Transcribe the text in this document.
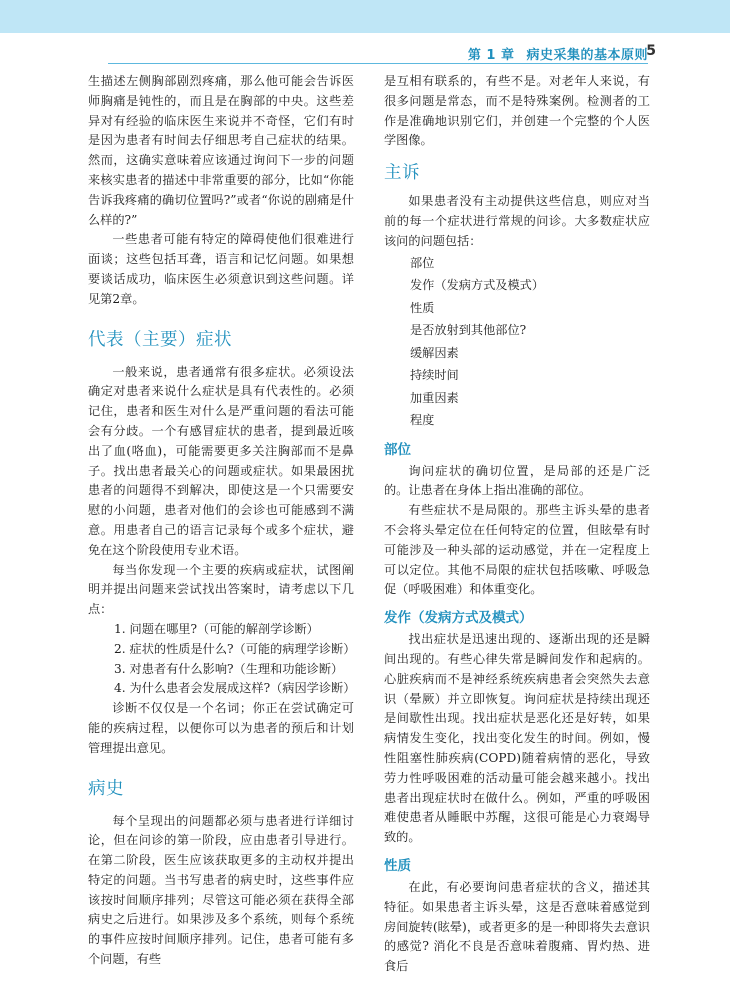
第 1 章 病史采集的基本原则
5

生描述左侧胸部剧烈疼痛，那么他可能会告诉医师胸痛是钝性的，而且是在胸部的中央。这些差异对有经验的临床医生来说并不奇怪，它们有时是因为患者有时间去仔细思考自己症状的结果。然而，这确实意味着应该通过询问下一步的问题来核实患者的描述中非常重要的部分，比如“你能告诉我疼痛的确切位置吗?”或者“你说的剧痛是什么样的?”

一些患者可能有特定的障碍使他们很难进行面谈；这些包括耳聋，语言和记忆问题。如果想要谈话成功，临床医生必须意识到这些问题。详见第2章。

代表（主要）症状

一般来说，患者通常有很多症状。必须设法确定对患者来说什么症状是具有代表性的。必须记住，患者和医生对什么是严重问题的看法可能会有分歧。一个有感冒症状的患者，提到最近咳出了血(咯血)，可能需要更多关注胸部而不是鼻子。找出患者最关心的问题或症状。如果最困扰患者的问题得不到解决，即使这是一个只需要安慰的小问题，患者对他们的会诊也可能感到不满意。用患者自己的语言记录每个或多个症状，避免在这个阶段使用专业术语。

每当你发现一个主要的疾病或症状，试图阐明并提出问题来尝试找出答案时，请考虑以下几点：

1. 问题在哪里?（可能的解剖学诊断）
2. 症状的性质是什么?（可能的病理学诊断）
3. 对患者有什么影响?（生理和功能诊断）
4. 为什么患者会发展成这样?（病因学诊断）

诊断不仅仅是一个名词；你正在尝试确定可能的疾病过程，以便你可以为患者的预后和计划管理提出意见。

病史

每个呈现出的问题都必须与患者进行详细讨论，但在问诊的第一阶段，应由患者引导进行。在第二阶段，医生应该获取更多的主动权并提出特定的问题。当书写患者的病史时，这些事件应该按时间顺序排列；尽管这可能必须在获得全部病史之后进行。如果涉及多个系统，则每个系统的事件应按时间顺序排列。记住，患者可能有多个问题，有些

是互相有联系的，有些不是。对老年人来说，有很多问题是常态，而不是特殊案例。检测者的工作是准确地识别它们，并创建一个完整的个人医学图像。

主诉

如果患者没有主动提供这些信息，则应对当前的每一个症状进行常规的问诊。大多数症状应该问的问题包括：

部位
发作（发病方式及模式）
性质
是否放射到其他部位?
缓解因素
持续时间
加重因素
程度
部位

询问症状的确切位置，是局部的还是广泛的。让患者在身体上指出准确的部位。

有些症状不是局限的。那些主诉头晕的患者不会将头晕定位在任何特定的位置，但眩晕有时可能涉及一种头部的运动感觉，并在一定程度上可以定位。其他不局限的症状包括咳嗽、呼吸急促（呼吸困难）和体重变化。

发作（发病方式及模式）

找出症状是迅速出现的、逐渐出现的还是瞬间出现的。有些心律失常是瞬间发作和起病的。心脏疾病而不是神经系统疾病患者会突然失去意识（晕厥）并立即恢复。询问症状是持续出现还是间歇性出现。找出症状是恶化还是好转，如果病情发生变化，找出变化发生的时间。例如，慢性阻塞性肺疾病(COPD)随着病情的恶化，导致劳力性呼吸困难的活动量可能会越来越小。找出患者出现症状时在做什么。例如，严重的呼吸困难使患者从睡眠中苏醒，这很可能是心力衰竭导致的。

性质

在此，有必要询问患者症状的含义，描述其特征。如果患者主诉头晕，这是否意味着感觉到房间旋转(眩晕)，或者更多的是一种即将失去意识的感觉? 消化不良是否意味着腹痛、胃灼热、进食后
